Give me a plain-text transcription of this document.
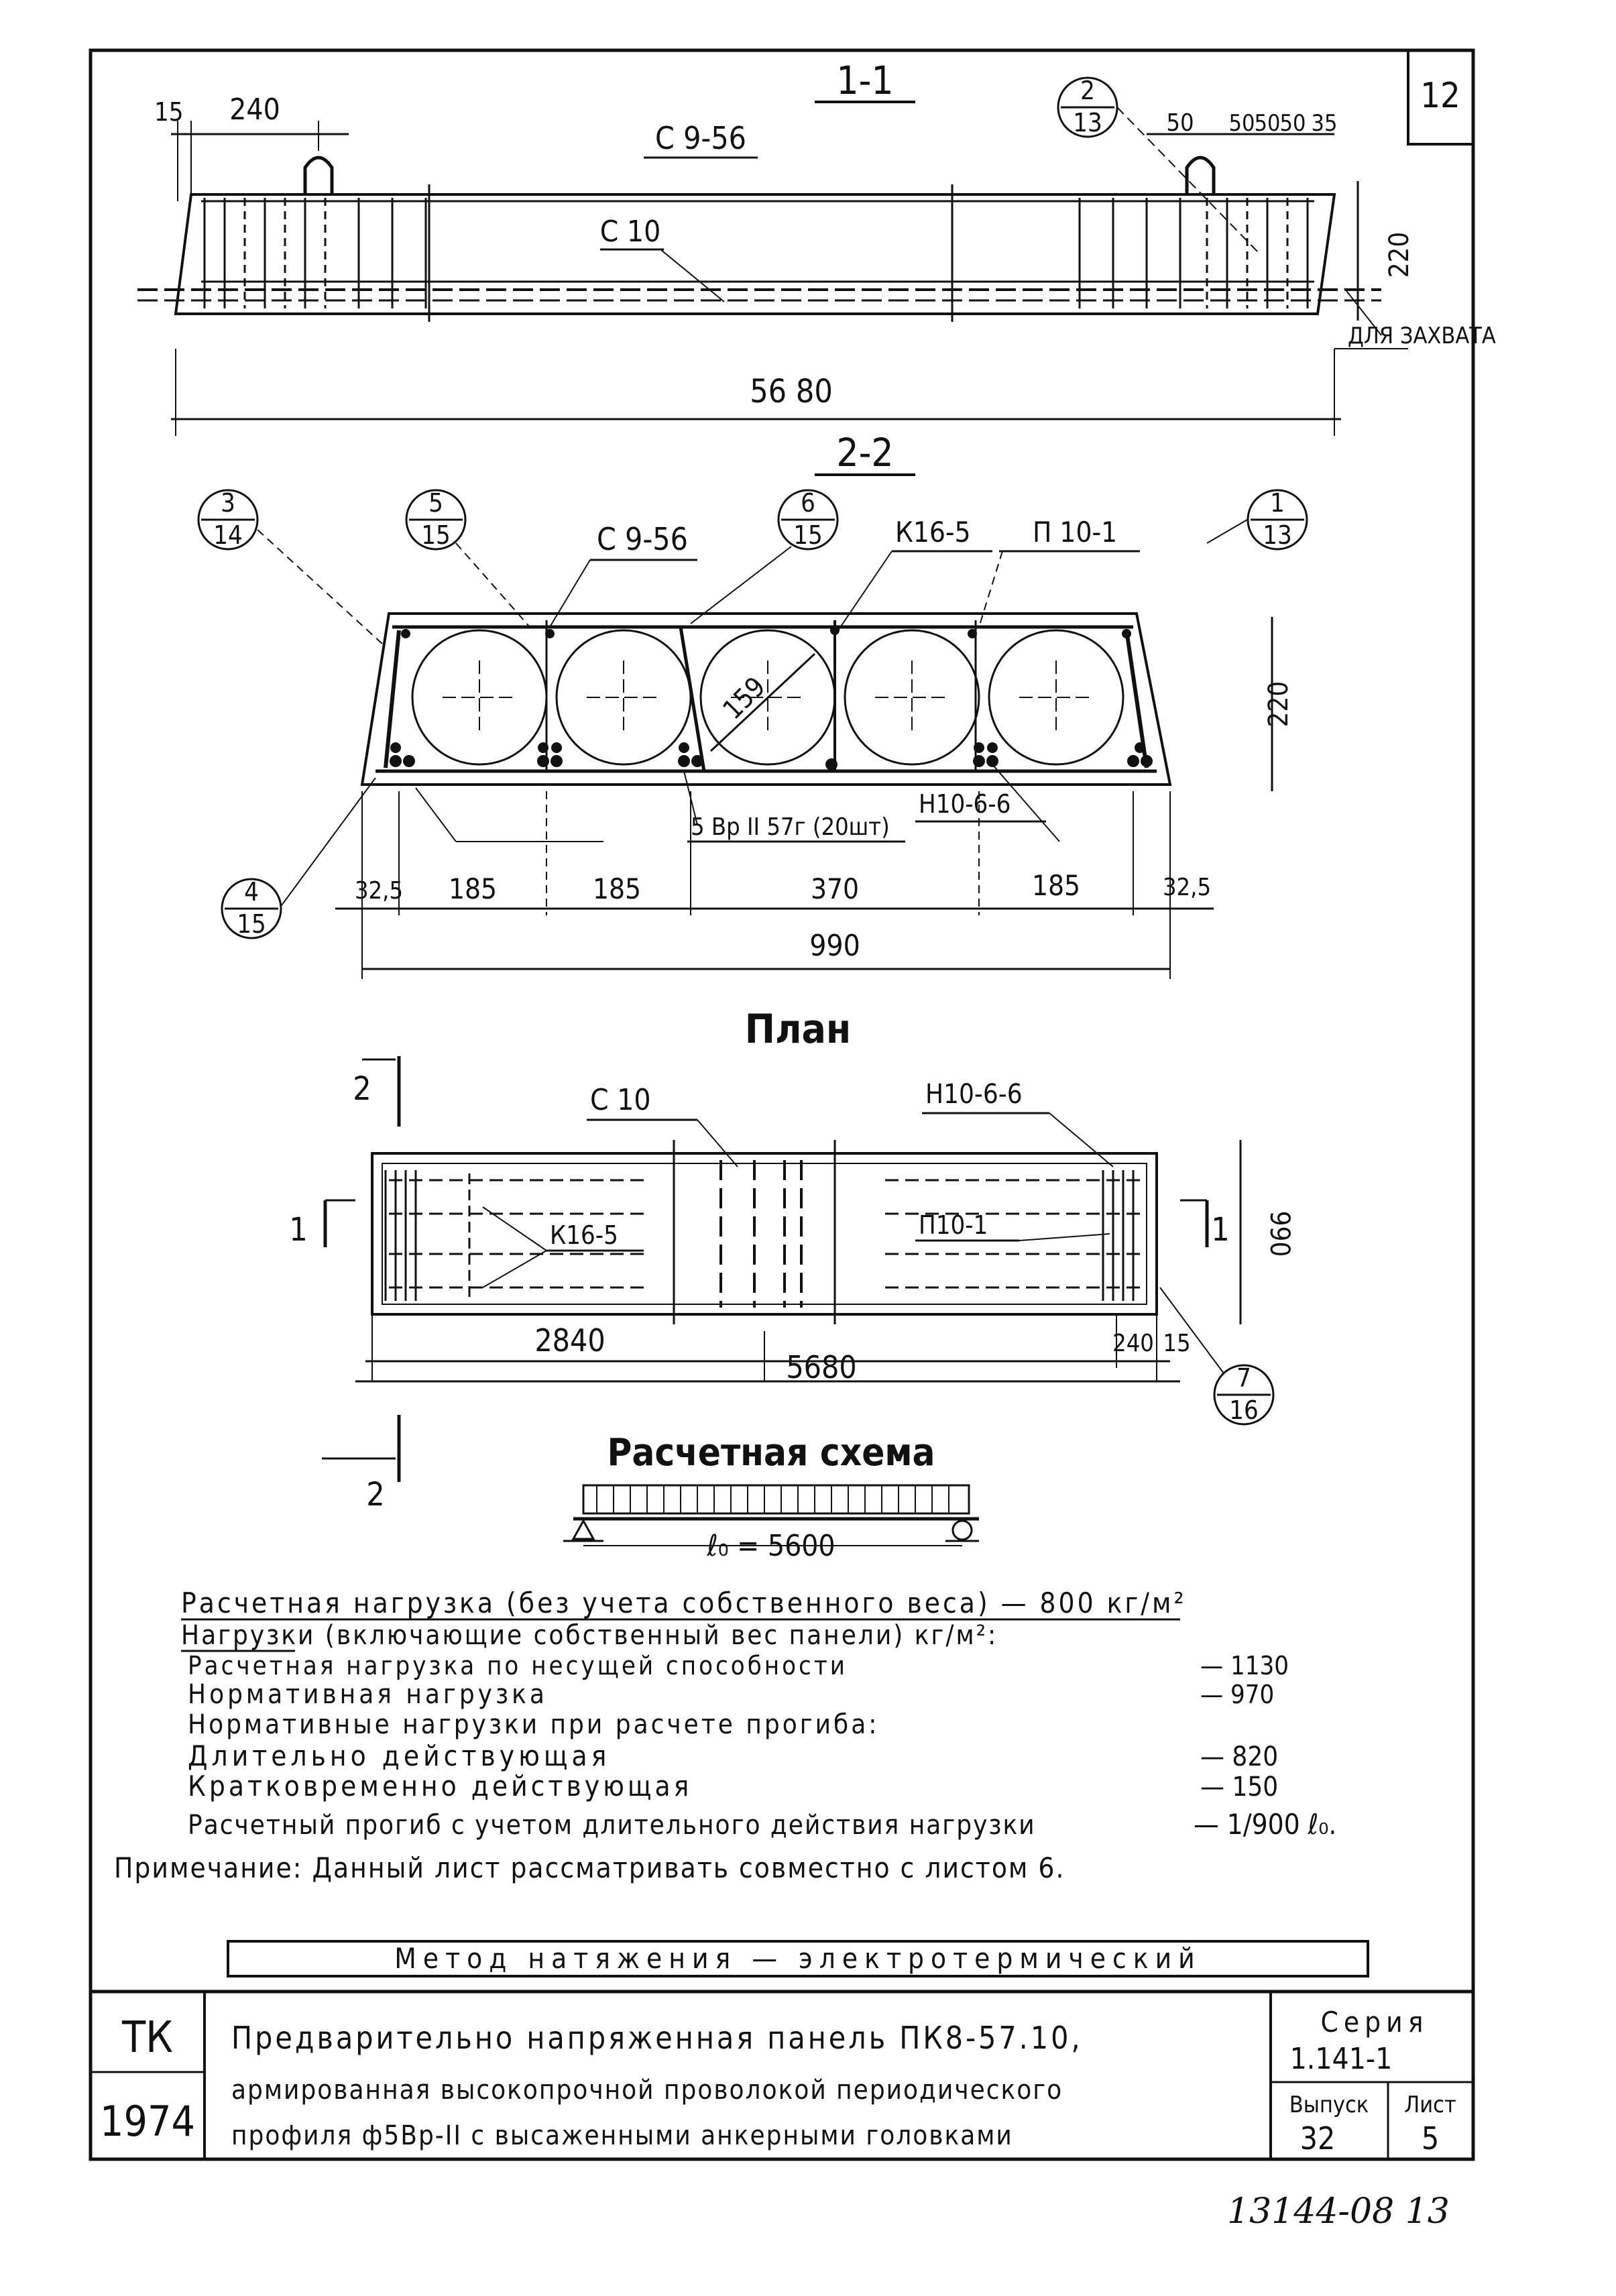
12
1-1
15 240	50 50 50 50 35
2
13
С 9-56
С 10
220
ДЛЯ ЗАХВАТА
56 80
2-2
159
3
14
5
15
6
15
1
13
4
15
С 9-56	К16-5 П 10-1
220
5 Вр II 57г (20шт)
Н10-6-6
32,5 185	185	370	185	32,5
990
План
С 10	Н10-6-6
К16-5	П10-1
2
2
1	1 990
2840	240 15
5680	7
16
Расчетная схема
ℓ₀ = 5600
Расчетная нагрузка (без учета собственного веса) — 800 кг/м²
Нагрузки (включающие собственный вес панели) кг/м²:
Расчетная нагрузка по несущей способности	— 1130
Нормативная нагрузка	— 970
Нормативные нагрузки при расчете прогиба:
Длительно действующая	— 820
Кратковременно действующая	— 150
Расчетный прогиб с учетом длительного действия нагрузки	— 1/900 ℓ₀.
Примечание: Данный лист рассматривать совместно с листом 6.
Метод натяжения — электротермический
ТК
1974
Предварительно напряженная панель ПК8-57.10,
армированная высокопрочной проволокой периодического
профиля ф5Вр-II с высаженными анкерными головками
Серия
1.141-1
Выпуск
32
Лист
5
13144-08 13
